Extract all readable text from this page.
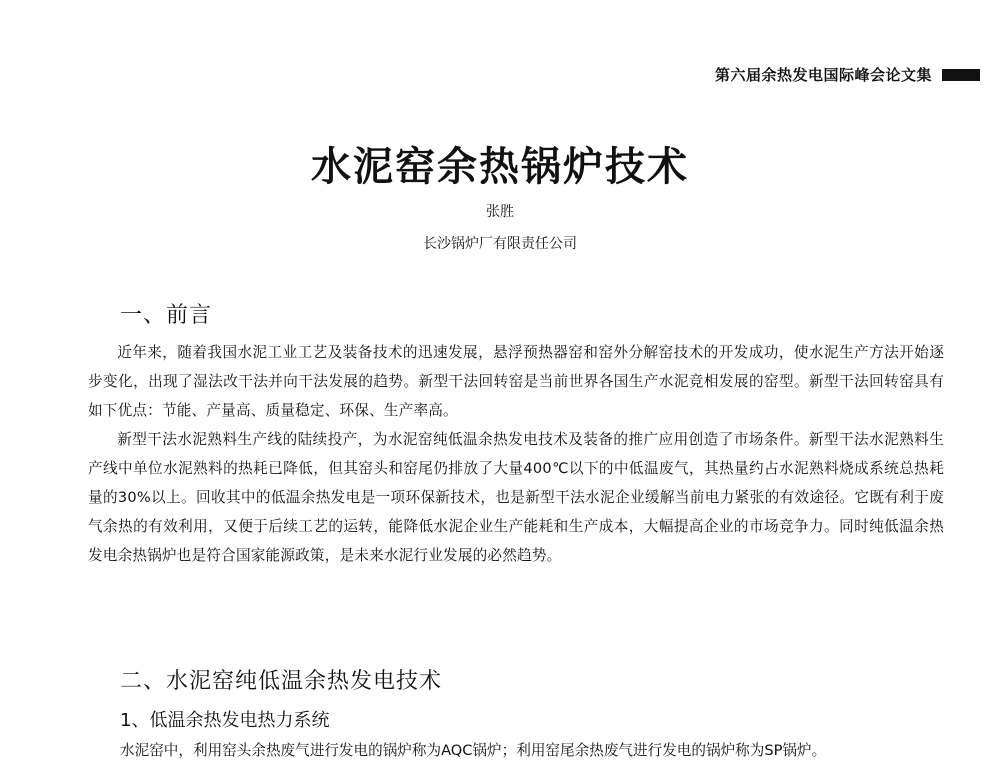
第六届余热发电国际峰会论文集
水泥窑余热锅炉技术
张胜
长沙锅炉厂有限责任公司
一、前言

近年来，随着我国水泥工业工艺及装备技术的迅速发展，悬浮预热器窑和窑外分解窑技术的开发成功，使水泥生产方法开始逐步变化，出现了湿法改干法并向干法发展的趋势。新型干法回转窑是当前世界各国生产水泥竞相发展的窑型。新型干法回转窑具有如下优点：节能、产量高、质量稳定、环保、生产率高。

新型干法水泥熟料生产线的陆续投产，为水泥窑纯低温余热发电技术及装备的推广应用创造了市场条件。新型干法水泥熟料生产线中单位水泥熟料的热耗已降低，但其窑头和窑尾仍排放了大量400℃以下的中低温废气，其热量约占水泥熟料烧成系统总热耗量的30%以上。回收其中的低温余热发电是一项环保新技术，也是新型干法水泥企业缓解当前电力紧张的有效途径。它既有利于废气余热的有效利用，又便于后续工艺的运转，能降低水泥企业生产能耗和生产成本，大幅提高企业的市场竞争力。同时纯低温余热发电余热锅炉也是符合国家能源政策，是未来水泥行业发展的必然趋势。

二、水泥窑纯低温余热发电技术
1、低温余热发电热力系统

水泥窑中，利用窑头余热废气进行发电的锅炉称为AQC锅炉；利用窑尾余热废气进行发电的锅炉称为SP锅炉。
